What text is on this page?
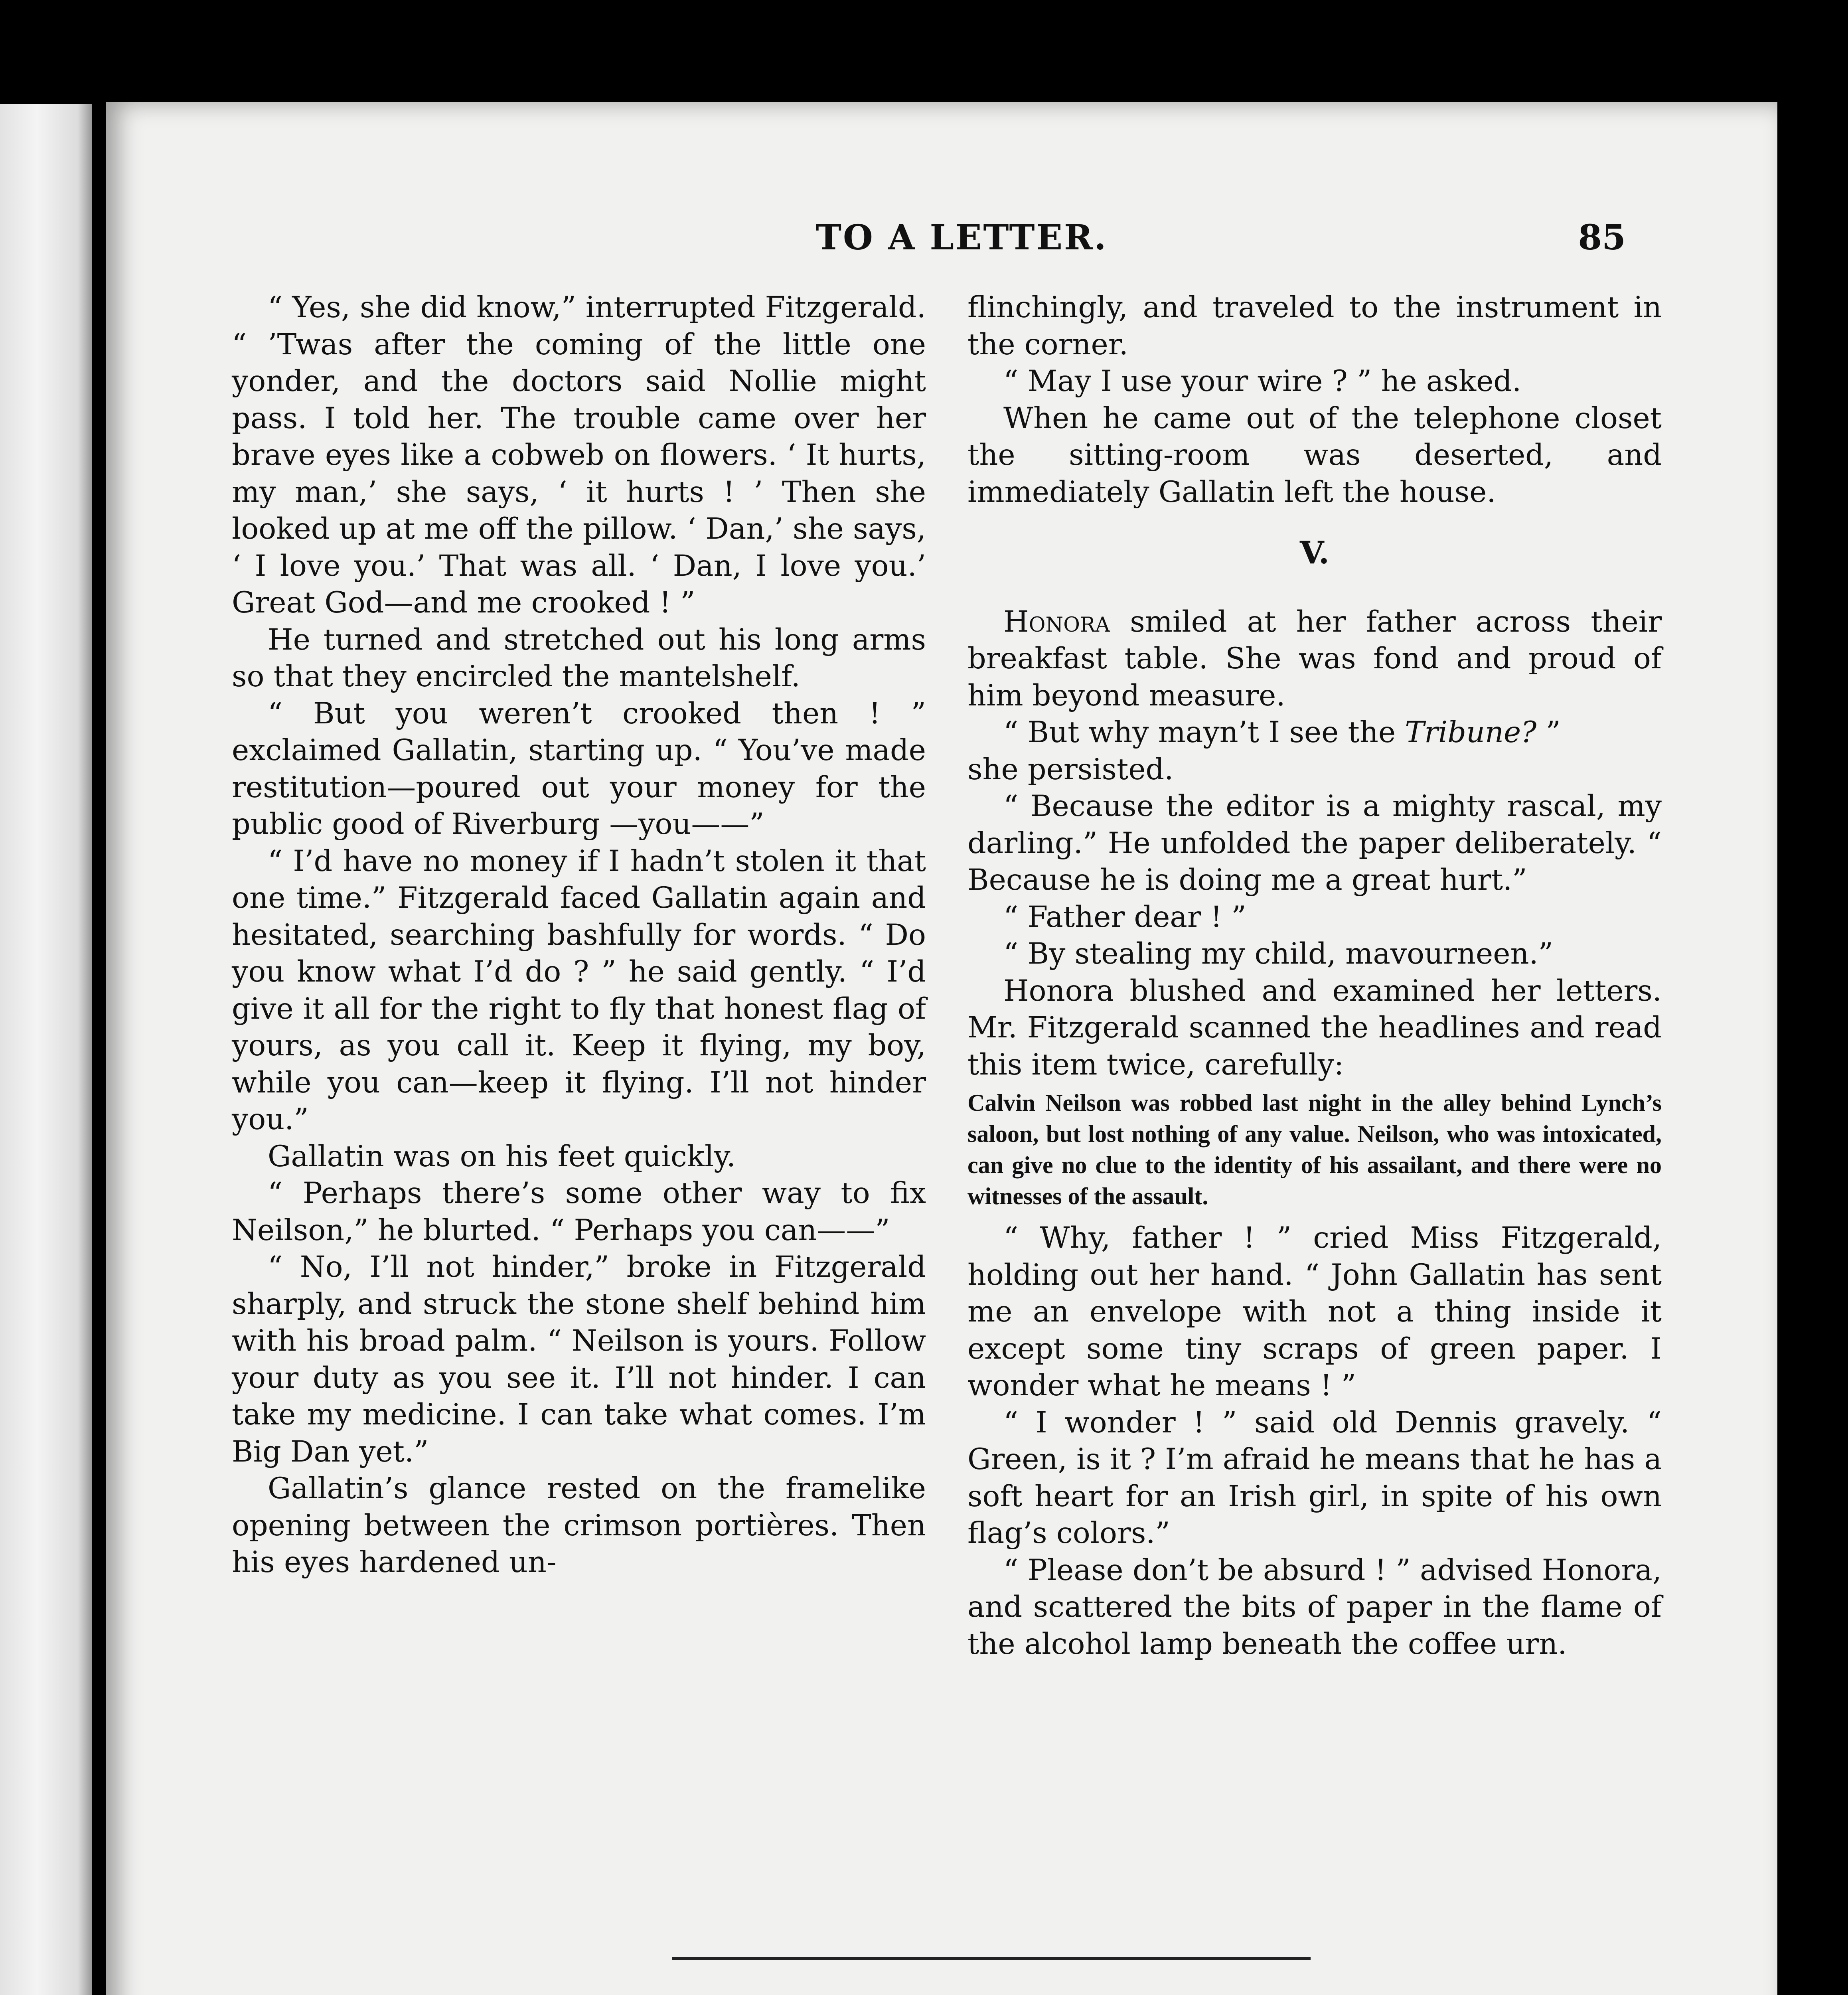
TO A LETTER.	85

“ Yes, she did know,” interrupted Fitzgerald. “ ’Twas after the coming of the little one yonder, and the doctors said Nollie might pass. I told her. The trouble came over her brave eyes like a cobweb on flowers. ‘ It hurts, my man,’ she says, ‘ it hurts ! ’ Then she looked up at me off the pillow. ‘ Dan,’ she says, ‘ I love you.’ That was all. ‘ Dan, I love you.’ Great God—and me crooked ! ”

He turned and stretched out his long arms so that they encircled the mantelshelf.

“ But you weren’t crooked then ! ” exclaimed Gallatin, starting up. “ You’ve made restitution—poured out your money for the public good of Riverburg —you——”

“ I’d have no money if I hadn’t stolen it that one time.” Fitzgerald faced Gallatin again and hesitated, searching bashfully for words. “ Do you know what I’d do ? ” he said gently. “ I’d give it all for the right to fly that honest flag of yours, as you call it. Keep it flying, my boy, while you can—keep it flying. I’ll not hinder you.”

Gallatin was on his feet quickly.

“ Perhaps there’s some other way to fix Neilson,” he blurted. “ Perhaps you can——”

“ No, I’ll not hinder,” broke in Fitzgerald sharply, and struck the stone shelf behind him with his broad palm. “ Neilson is yours. Follow your duty as you see it. I’ll not hinder. I can take my medicine. I can take what comes. I’m Big Dan yet.”

Gallatin’s glance rested on the framelike opening between the crimson portières. Then his eyes hardened un-

flinchingly, and traveled to the instrument in the corner.

“ May I use your wire ? ” he asked.

When he came out of the telephone closet the sitting-room was deserted, and immediately Gallatin left the house.

V.

Honora smiled at her father across their breakfast table. She was fond and proud of him beyond measure.

“ But why mayn’t I see the Tribune? ”

she persisted.

“ Because the editor is a mighty rascal, my darling.” He unfolded the paper deliberately. “ Because he is doing me a great hurt.”

“ Father dear ! ”

“ By stealing my child, mavourneen.”

Honora blushed and examined her letters. Mr. Fitzgerald scanned the headlines and read this item twice, carefully:

Calvin Neilson was robbed last night in the alley behind Lynch’s saloon, but lost nothing of any value. Neilson, who was intoxicated, can give no clue to the identity of his assailant, and there were no witnesses of the assault.

“ Why, father ! ” cried Miss Fitzgerald, holding out her hand. “ John Gallatin has sent me an envelope with not a thing inside it except some tiny scraps of green paper. I wonder what he means ! ”

“ I wonder ! ” said old Dennis gravely. “ Green, is it ? I’m afraid he means that he has a soft heart for an Irish girl, in spite of his own flag’s colors.”

“ Please don’t be absurd ! ” advised Honora, and scattered the bits of paper in the flame of the alcohol lamp beneath the coffee urn.
